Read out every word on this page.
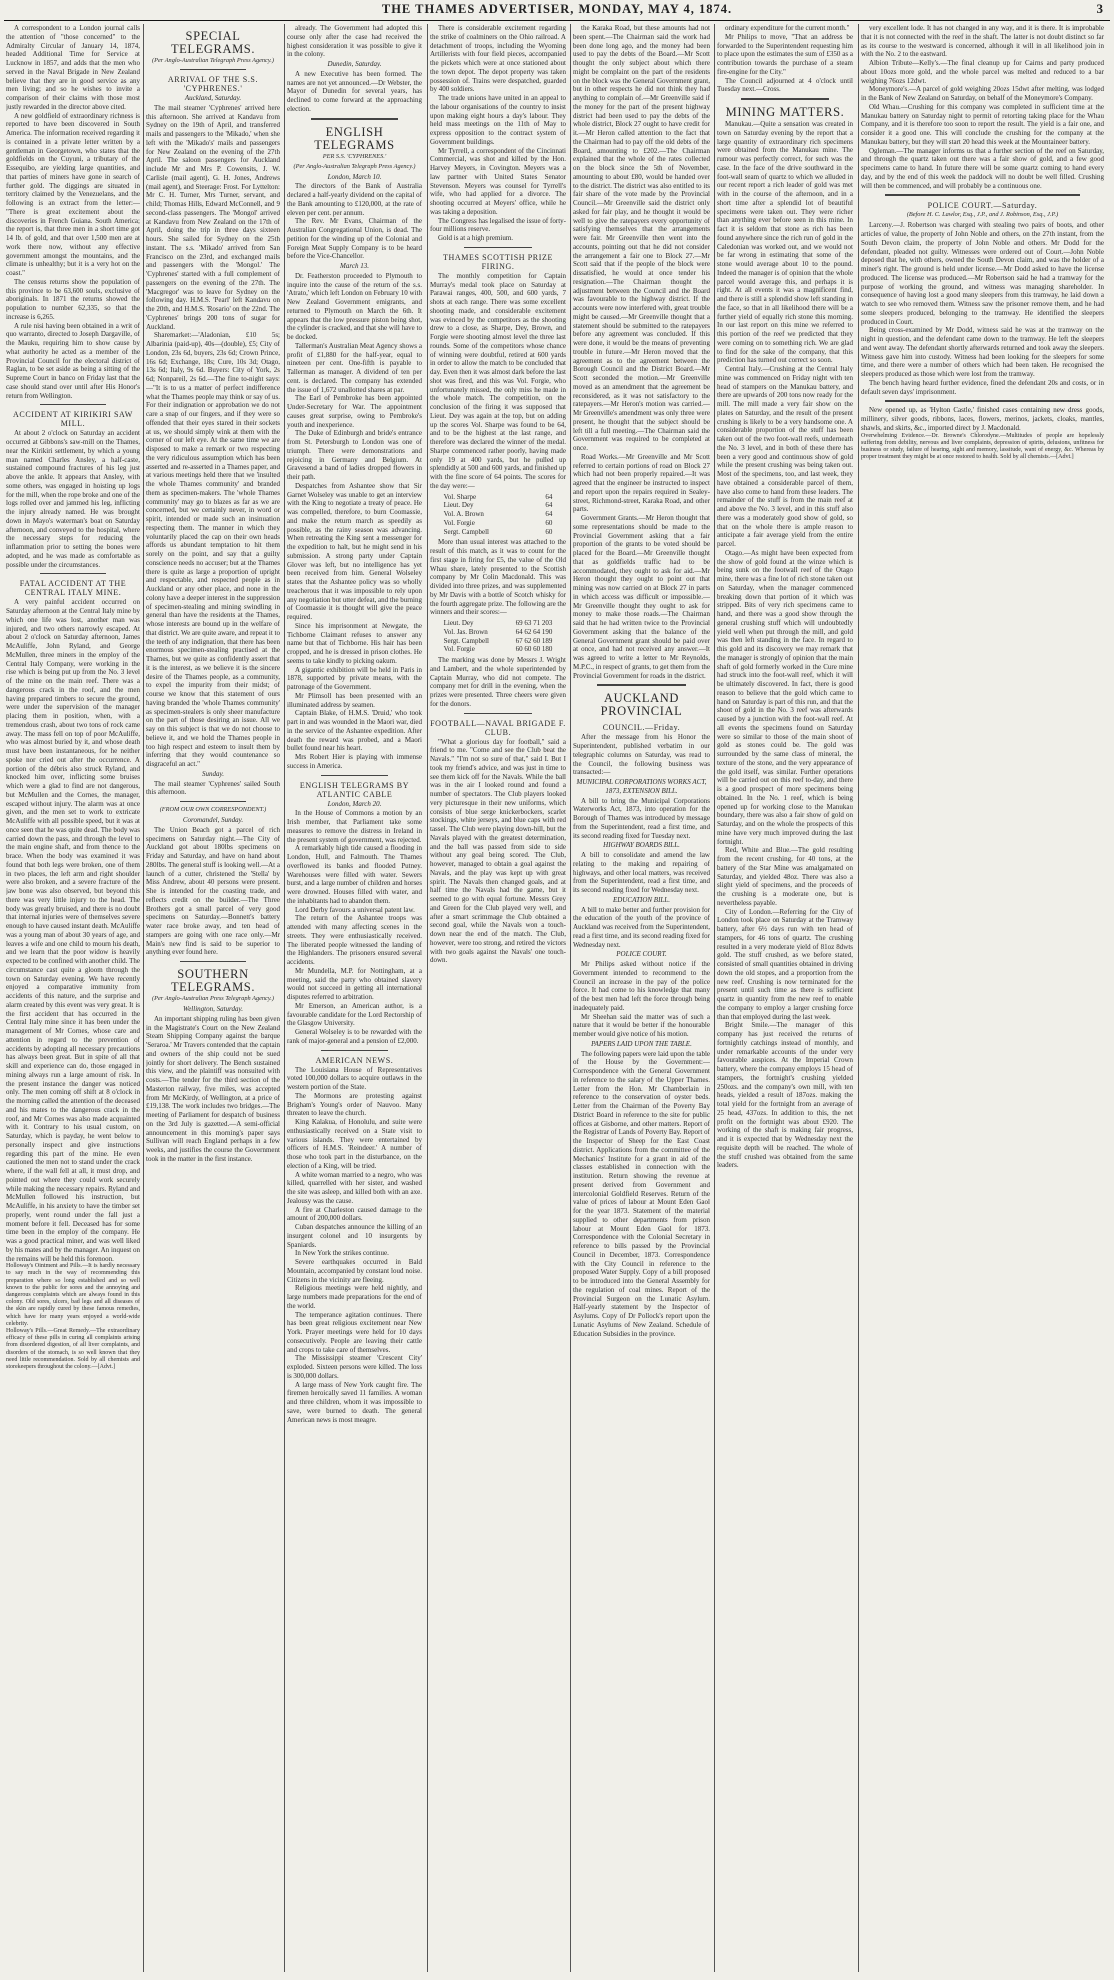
THE THAMES ADVERTISER, MONDAY, MAY 4, 1874.	3

A correspondent to a London journal calls the attention of "those concerned" to the Admiralty Circular of January 14, 1874, headed Additional Time for Service at Lucknow in 1857, and adds that the men who served in the Naval Brigade in New Zealand believe that they are in good service as any men living; and so he wishes to invite a comparison of their claims with those most justly rewarded in the director above cited.

A new goldfield of extraordinary richness is reported to have been discovered in South America. The information received regarding it is contained in a private letter written by a gentleman in Georgetown, who states that the goldfields on the Cuyuni, a tributary of the Essequibo, are yielding large quantities, and that parties of miners have gone in search of further gold. The diggings are situated in territory claimed by the Venezuelans, and the following is an extract from the letter:— "There is great excitement about the discoveries in French Guiana. South America; the report is, that three men in a short time got 14 lb. of gold, and that over 1,500 men are at work there now, without any effective government amongst the mountains, and the climate is unhealthy; but it is a very hot on the coast."

The census returns show the population of this province to be 63,600 souls, exclusive of aboriginals. In 1871 the returns showed the population to number 62,335, so that the increase is 6,265.

A rule nisi having been obtained in a writ of quo warranto, directed to Joseph Dargaville, of the Mauku, requiring him to show cause by what authority he acted as a member of the Provincial Council for the electoral district of Raglan, to be set aside as being a sitting of the Supreme Court in banco on Friday last that the case should stand over until after His Honor's return from Wellington.

ACCIDENT AT KIRIKIRI SAW MILL.

At about 2 o'clock on Saturday an accident occurred at Gibbons's saw-mill on the Thames, near the Kirikiri settlement, by which a young man named Charles Ansley, a half-caste, sustained compound fractures of his leg just above the ankle. It appears that Ansley, with some others, was engaged in hoisting up logs for the mill, when the rope broke and one of the logs rolled over and jammed his leg, inflicting the injury already named. He was brought down in Mayo's waterman's boat on Saturday afternoon, and conveyed to the hospital, where the necessary steps for reducing the inflammation prior to setting the bones were adopted, and he was made as comfortable as possible under the circumstances.

FATAL ACCIDENT AT THE CENTRAL ITALY MINE.

A very painful accident occurred on Saturday afternoon at the Central Italy mine by which one life was lost, another man was injured, and two others narrowly escaped. At about 2 o'clock on Saturday afternoon, James McAuliffe, John Ryland, and George McMullen, three miners in the employ of the Central Italy Company, were working in the rise which is being put up from the No. 3 level of the mine on the main reef. There was a dangerous crack in the roof, and the men having prepared timbers to secure the ground, were under the supervision of the manager placing them in position, when, with a tremendous crash, about two tons of rock came away. The mass fell on top of poor McAuliffe, who was almost buried by it, and whose death must have been instantaneous, for he neither spoke nor cried out after the occurrence. A portion of the débris also struck Ryland, and knocked him over, inflicting some bruises which were a glad to find are not dangerous, but McMullen and the Cornes, the manager, escaped without injury. The alarm was at once given, and the men set to work to extricate McAuliffe with all possible speed, but it was at once seen that he was quite dead. The body was carried down the pass, and through the level to the main engine shaft, and from thence to the brace. When the body was examined it was found that both legs were broken, one of them in two places, the left arm and right shoulder were also broken, and a severe fracture of the jaw bone was also observed, but beyond this there was very little injury to the head. The body was greatly bruised, and there is no doubt that internal injuries were of themselves severe enough to have caused instant death. McAuliffe was a young man of about 30 years of age, and leaves a wife and one child to mourn his death, and we learn that the poor widow is heavily expected to be confined with another child. The circumstance cast quite a gloom through the town on Saturday evening. We have recently enjoyed a comparative immunity from accidents of this nature, and the surprise and alarm created by this event was very great. It is the first accident that has occurred in the Central Italy mine since it has been under the management of Mr Cornes, whose care and attention in regard to the prevention of accidents by adopting all necessary precautions has always been great. But in spite of all that skill and experience can do, those engaged in mining always run a large amount of risk. In the present instance the danger was noticed only. The men coming off shift at 8 o'clock in the morning called the attention of the deceased and his mates to the dangerous crack in the roof, and Mr Cornes was also made acquainted with it. Contrary to his usual custom, on Saturday, which is payday, he went below to personally inspect and give instructions regarding this part of the mine. He even cautioned the men not to stand under the crack where, if the wall fell at all, it must drop, and pointed out where they could work securely while making the necessary repairs. Ryland and McMullen followed his instruction, but McAuliffe, in his anxiety to have the timber set properly, went round under the fall just a moment before it fell. Deceased has for some time been in the employ of the company. He was a good practical miner, and was well liked by his mates and by the manager. An inquest on the remains will be held this forenoon.

Holloway's Ointment and Pills.—It is hardly necessary to say much in the way of recommending this preparation where so long established and so well known to the public for sores and the annoying and dangerous complaints which are always found in this colony. Old sores, ulcers, bad legs and all diseases of the skin are rapidly cured by these famous remedies, which have for many years enjoyed a world-wide celebrity.
Holloway's Pills.—Great Remedy.—The extraordinary efficacy of these pills in curing all complaints arising from disordered digestion, of all liver complaints, and disorders of the stomach, is so well known that they need little recommendation. Sold by all chemists and storekeepers throughout the colony.—[Advt.]
SPECIAL TELEGRAMS.
(Per Anglo-Australian Telegraph Press Agency.)
ARRIVAL OF THE S.S. 'CYPHRENES.'
Auckland, Saturday.

The mail steamer 'Cyphrenes' arrived here this afternoon. She arrived at Kandavu from Sydney on the 19th of April, and transferred mails and passengers to the 'Mikado,' when she left with the 'Mikado's' mails and passengers for New Zealand on the evening of the 27th April. The saloon passengers for Auckland include Mr and Mrs P. Cowensits, J. W. Carlisle (mail agent), G. H. Jones, Andrews (mail agent), and Steerage: Frost. For Lyttelton: Mr C. H. Turner, Mrs Turner, servant, and child; Thomas Hills, Edward McConnell, and 9 second-class passengers. The 'Mongol' arrived at Kandavu from New Zealand on the 17th of April, doing the trip in three days sixteen hours. She sailed for Sydney on the 25th instant. The s.s. 'Mikado' arrived from San Francisco on the 23rd, and exchanged mails and passengers with the 'Mongol.' The 'Cyphrenes' started with a full complement of passengers on the evening of the 27th. The 'Macgregor' was to leave for Sydney on the following day. H.M.S. 'Pearl' left Kandavu on the 20th, and H.M.S. 'Rosario' on the 22nd. The 'Cyphrenes' brings 200 tons of sugar for Auckland.

Sharemarket:—'Aladonian, £10 5s; Albarinia (paid-up), 40s—(double), £5; City of London, 23s 6d, buyers, 23s 6d; Crown Prince, 16s 6d; Exchange, 18s; Cure, 10s 3d; Otago, 13s 6d; Italy, 9s 6d. Buyers: City of York, 2s 6d; Nonpareil, 2s 6d.—The fine to-night says:—"It is to us a matter of perfect indifference what the Thames people may think or say of us. For their indignation or approbation we do not care a snap of our fingers, and if they were so offended that their eyes stared in their sockets at us, we should simply wink at them with the corner of our left eye. At the same time we are disposed to make a remark or two respecting the very ridiculous assumption which has been asserted and re-asserted in a Thames paper, and at various meetings held there that we 'insulted the whole Thames community' and branded them as specimen-makers. The 'whole Thames community' may go to blazes as far as we are concerned, but we certainly never, in word or spirit, intended or made such an insinuation respecting them. The manner in which they voluntarily placed the cap on their own heads affords us abundant temptation to hit them sorely on the point, and say that a guilty conscience needs no accuser; but at the Thames there is quite as large a proportion of upright and respectable, and respected people as in Auckland or any other place, and none in the colony have a deeper interest in the suppression of specimen-stealing and mining swindling in general than have the residents at the Thames, whose interests are bound up in the welfare of that district. We are quite aware, and repeat it to the teeth of any indignation, that there has been enormous specimen-stealing practised at the Thames, but we quite as confidently assert that it is the interest, as we believe it is the sincere desire of the Thames people, as a community, to expel the impurity from their midst; of course we know that this statement of ours having branded the 'whole Thames community' as specimen-stealers is only sheer manufacture on the part of those desiring an issue. All we say on this subject is that we do not choose to believe it, and we hold the Thames people in too high respect and esteem to insult them by inferring that they would countenance so disgraceful an act."

Sunday.

The mail steamer 'Cyphrenes' sailed South this afternoon.

(FROM OUR OWN CORRESPONDENT.)
Coromandel, Sunday.

The Union Beach got a parcel of rich specimens on Saturday night.—The City of Auckland got about 180lbs specimens on Friday and Saturday, and have on hand about 280lbs. The general stuff is looking well.—At a launch of a cutter, christened the 'Stella' by Miss Andrew, about 40 persons were present. She is intended for the coasting trade, and reflects credit on the builder.—The Three Brothers got a small parcel of very good specimens on Saturday.—Bonnett's battery water race broke away, and ten head of stampers are going with one race only.—Mr Main's new find is said to be superior to anything ever found here.

SOUTHERN TELEGRAMS.
(Per Anglo-Australian Press Telegraph Agency.)
Wellington, Saturday.

An important shipping ruling has been given in the Magistrate's Court on the New Zealand Steam Shipping Company against the barque 'Seraroa.' Mr Travers contended that the captain and owners of the ship could not be sued jointly for short delivery. The Bench sustained this view, and the plaintiff was nonsuited with costs.—The tender for the third section of the Masterton railway, five miles, was accepted from Mr McKirdy, of Wellington, at a price of £19,138. The work includes two bridges.—The meeting of Parliament for despatch of business on the 3rd July is gazetted.—A semi-official announcement in this morning's paper says Sullivan will reach England perhaps in a few weeks, and justifies the course the Government took in the matter in the first instance.

already. The Government had adopted this course only after the case had received the highest consideration it was possible to give it in the colony.

Dunedin, Saturday.

A new Executive has been formed. The names are not yet announced.—Dr Webster, the Mayor of Dunedin for several years, has declined to come forward at the approaching election.

ENGLISH TELEGRAMS
PER S.S. 'CYPHRENES.'
(Per Anglo-Australian Telegraph Press Agency.)
London, March 10.

The directors of the Bank of Australia declared a half-yearly dividend on the capital of the Bank amounting to £120,000, at the rate of eleven per cent. per annum.

The Rev. Mr Evans, Chairman of the Australian Congregational Union, is dead. The petition for the winding up of the Colonial and Foreign Meat Supply Company is to be heard before the Vice-Chancellor.

March 13.

Dr. Featherston proceeded to Plymouth to inquire into the cause of the return of the s.s. 'Atrato,' which left London on February 10 with New Zealand Government emigrants, and returned to Plymouth on March the 6th. It appears that the low pressure piston being shot, the cylinder is cracked, and that she will have to be docked.

Tallerman's Australian Meat Agency shows a profit of £1,880 for the half-year, equal to nineteen per cent. One-fifth is payable to Tallerman as manager. A dividend of ten per cent. is declared. The company has extended the issue of 1,672 unallotted shares at par.

The Earl of Pembroke has been appointed Under-Secretary for War. The appointment causes great surprise, owing to Pembroke's youth and inexperience.

The Duke of Edinburgh and bride's entrance from St. Petersburgh to London was one of triumph. There were demonstrations and rejoicing in Germany and Belgium. At Gravesend a band of ladies dropped flowers in their path.

Despatches from Ashantee show that Sir Garnet Wolseley was unable to get an interview with the King to negotiate a treaty of peace. He was compelled, therefore, to burn Coomassie, and make the return march as speedily as possible, as the rainy season was advancing. When retreating the King sent a messenger for the expedition to halt, but he might send in his submission. A strong party under Captain Glover was left, but no intelligence has yet been received from him. General Wolseley states that the Ashantee policy was so wholly treacherous that it was impossible to rely upon any negotiation but utter defeat, and the burning of Coomassie it is thought will give the peace required.

Since his imprisonment at Newgate, the Tichborne Claimant refuses to answer any name but that of Tichborne. His hair has been cropped, and he is dressed in prison clothes. He seems to take kindly to picking oakum.

A gigantic exhibition will be held in Paris in 1878, supported by private means, with the patronage of the Government.

Mr Plimsoll has been presented with an illuminated address by seamen.

Captain Blake, of H.M.S. 'Druid,' who took part in and was wounded in the Maori war, died in the service of the Ashantee expedition. After death the reward was probed, and a Maori bullet found near his heart.

Mrs Robert Hier is playing with immense success in America.

ENGLISH TELEGRAMS BY ATLANTIC CABLE
London, March 20.

In the House of Commons a motion by an Irish member, that Parliament take some measures to remove the distress in Ireland in the present system of government, was rejected.

A remarkably high tide caused a flooding in London, Hull, and Falmouth. The Thames overflowed its banks and flooded Putney. Warehouses were filled with water. Sewers burst, and a large number of children and horses were drowned. Houses filled with water, and the inhabitants had to abandon them.

Lord Derby favours a universal patent law.

The return of the Ashantee troops was attended with many affecting scenes in the streets. They were enthusiastically received. The liberated people witnessed the landing of the Highlanders. The prisoners ensured several accidents.

Mr Mundella, M.P. for Nottingham, at a meeting, said the party who obtained slavery would not succeed in getting all international disputes referred to arbitration.

Mr Emerson, an American author, is a favourable candidate for the Lord Rectorship of the Glasgow University.

General Wolseley is to be rewarded with the rank of major-general and a pension of £2,000.

AMERICAN NEWS.

The Louisiana House of Representatives voted 100,000 dollars to acquire outlaws in the western portion of the State.

The Mormons are protesting against Brigham's Young's order of Nauvoo. Many threaten to leave the church.

King Kalakua, of Honolulu, and suite were enthusiastically received on a State visit to various islands. They were entertained by officers of H.M.S. 'Reindeer.' A number of those who took part in the disturbance, on the election of a King, will be tried.

A white woman married to a negro, who was killed, quarrelled with her sister, and washed the site was asleep, and killed both with an axe. Jealousy was the cause.

A fire at Charleston caused damage to the amount of 200,000 dollars.

Cuban despatches announce the killing of an insurgent colonel and 10 insurgents by Spaniards.

In New York the strikes continue.

Severe earthquakes occurred in Bald Mountain, accompanied by constant loud noise. Citizens in the vicinity are fleeing.

Religious meetings were held nightly, and large numbers made preparations for the end of the world.

The temperance agitation continues. There has been great religious excitement near New York. Prayer meetings were held for 10 days consecutively. People are leaving their cattle and crops to take care of themselves.

The Mississippi steamer 'Crescent City' exploded. Sixteen persons were killed. The loss is 300,000 dollars.

A large mass of New York caught fire. The firemen heroically saved 11 families. A woman and three children, whom it was impossible to save, were burned to death. The general American news is most meagre.

There is considerable excitement regarding the strike of coalminers on the Ohio railroad. A detachment of troops, including the Wyoming Artillerists with four field pieces, accompanied the pickets which were at once stationed about the town depot. The depot property was taken possession of. Trains were despatched, guarded by 400 soldiers.

The trade unions have united in an appeal to the labour organisations of the country to insist upon making eight hours a day's labour. They held mass meetings on the 11th of May to express opposition to the contract system of Government buildings.

Mr Tyrrell, a correspondent of the Cincinnati Commercial, was shot and killed by the Hon. Harvey Meyers, in Covington. Meyers was a law partner with United States Senator Stevenson. Meyers was counsel for Tyrrell's wife, who had applied for a divorce. The shooting occurred at Meyers' office, while he was taking a deposition.

The Congress has legalised the issue of forty-four millions reserve.

Gold is at a high premium.

THAMES SCOTTISH PRIZE FIRING.

The monthly competition for Captain Murray's medal took place on Saturday at Parawai ranges, 400, 500, and 600 yards, 7 shots at each range. There was some excellent shooting made, and considerable excitement was evinced by the competitors as the shooting drew to a close, as Sharpe, Dey, Brown, and Forgie were shooting almost level the three last rounds. Some of the competitors whose chance of winning were doubtful, retired at 600 yards in order to allow the match to be concluded that day. Even then it was almost dark before the last shot was fired, and this was Vol. Forgie, who unfortunately missed, the only miss he made in the whole match. The competition, on the conclusion of the firing it was supposed that Lieut. Dey was again at the top, but on adding up the scores Vol. Sharpe was found to be 64, and to be the highest at the last range, and therefore was declared the winner of the medal. Sharpe commenced rather poorly, having made only 19 at 400 yards, but he pulled up splendidly at 500 and 600 yards, and finished up with the fine score of 64 points. The scores for the day were:—

Vol. Sharpe	64
Lieut. Dey	64
Vol. A. Brown	64
Vol. Forgie	60
Sergt. Campbell	60

More than usual interest was attached to the result of this match, as it was to count for the first stage in firing for £5, the value of the Old Whau share, lately presented to the Scottish company by Mr Colin Macdonald. This was divided into three prizes, and was supplemented by Mr Davis with a bottle of Scotch whisky for the fourth aggregate prize. The following are the winners and their scores:—

Lieut. Dey	69 63 71 203
Vol. Jas. Brown	64 62 64 190
Sergt. Campbell	67 62 60 189
Vol. Forgie	60 60 60 180

The marking was done by Messrs J. Wright and Lambert, and the whole superintended by Captain Murray, who did not compete. The company met for drill in the evening, when the prizes were presented. Three cheers were given for the donors.

FOOTBALL—NAVAL BRIGADE F. CLUB.

"What a glorious day for football," said a friend to me. "Come and see the Club beat the Navals." "I'm not so sure of that," said I. But I took my friend's advice, and was just in time to see them kick off for the Navals. While the ball was in the air I looked round and found a number of spectators. The Club players looked very picturesque in their new uniforms, which consists of blue serge knickerbockers, scarlet stockings, white jerseys, and blue caps with red tassel. The Club were playing down-hill, but the Navals played with the greatest determination, and the ball was passed from side to side without any goal being scored. The Club, however, managed to obtain a goal against the Navals, and the play was kept up with great spirit. The Navals then changed goals, and at half time the Navals had the game, but it seemed to go with equal fortune. Messrs Grey and Green for the Club played very well, and after a smart scrimmage the Club obtained a second goal, while the Navals won a touch-down near the end of the match. The Club, however, were too strong, and retired the victors with two goals against the Navals' one touch-down.

the Karaka Road, but these amounts had not been spent.—The Chairman said the work had been done long ago, and the money had been used to pay the debts of the Board.—Mr Scott thought the only subject about which there might be complaint on the part of the residents on the block was the General Government grant, but in other respects he did not think they had anything to complain of.—Mr Greenville said if the money for the part of the present highway district had been used to pay the debts of the whole district, Block 27 ought to have credit for it.—Mr Heron called attention to the fact that the Chairman had to pay off the old debts of the Board, amounting to £202.—The Chairman explained that the whole of the rates collected on the block since the 5th of November, amounting to about £80, would be handed over to the district. The district was also entitled to its fair share of the vote made by the Provincial Council.—Mr Greenville said the district only asked for fair play, and he thought it would be well to give the ratepayers every opportunity of satisfying themselves that the arrangements were fair. Mr Greenville then went into the accounts, pointing out that he did not consider the arrangement a fair one to Block 27.—Mr Scott said that if the people of the block were dissatisfied, he would at once tender his resignation.—The Chairman thought the adjustment between the Council and the Board was favourable to the highway district. If the accounts were now interfered with, great trouble might be caused.—Mr Greenville thought that a statement should be submitted to the ratepayers before any agreement was concluded. If this were done, it would be the means of preventing trouble in future.—Mr Heron moved that the agreement as to the agreement between the Borough Council and the District Board.—Mr Scott seconded the motion.—Mr Greenville moved as an amendment that the agreement be reconsidered, as it was not satisfactory to the ratepayers.—Mr Heron's motion was carried.—Mr Greenville's amendment was only three were present, he thought that the subject should be left till a full meeting.—The Chairman said the Government was required to be completed at once.

Road Works.—Mr Greenville and Mr Scott referred to certain portions of road on Block 27 which had not been properly repaired.—It was agreed that the engineer be instructed to inspect and report upon the repairs required in Sealey-street, Richmond-street, Karaka Road, and other parts.

Government Grants.—Mr Heron thought that some representations should be made to the Provincial Government asking that a fair proportion of the grants to be voted should be placed for the Board.—Mr Greenville thought that as goldfields traffic had to be accommodated, they ought to ask for aid.—Mr Heron thought they ought to point out that mining was now carried on at Block 27 in parts in which access was difficult or impossible.—Mr Greenville thought they ought to ask for money to make those roads.—The Chairman said that he had written twice to the Provincial Government asking that the balance of the General Government grant should be paid over at once, and had not received any answer.—It was agreed to write a letter to Mr Reynolds, M.P.C., in respect of grants, to get them from the Provincial Government for roads in the district.

AUCKLAND PROVINCIAL
COUNCIL.—Friday.

After the message from his Honor the Superintendent, published verbatim in our telegraphic columns on Saturday, was read to the Council, the following business was transacted:—

MUNICIPAL CORPORATIONS WORKS ACT, 1873, EXTENSION BILL.

A bill to bring the Municipal Corporations Waterworks Act, 1873, into operation for the Borough of Thames was introduced by message from the Superintendent, read a first time, and its second reading fixed for Tuesday next.

HIGHWAY BOARDS BILL.

A bill to consolidate and amend the law relating to the making and repairing of highways, and other local matters, was received from the Superintendent, read a first time, and its second reading fixed for Wednesday next.

EDUCATION BILL.

A bill to make better and further provision for the education of the youth of the province of Auckland was received from the Superintendent, read a first time, and its second reading fixed for Wednesday next.

POLICE COURT.

Mr Philips asked without notice if the Government intended to recommend to the Council an increase in the pay of the police force. It had come to his knowledge that many of the best men had left the force through being inadequately paid.

Mr Sheehan said the matter was of such a nature that it would be better if the honourable member would give notice of his motion.

PAPERS LAID UPON THE TABLE.

The following papers were laid upon the table of the House by the Government:—Correspondence with the General Government in reference to the salary of the Upper Thames. Letter from the Hon. Mr Chamberlain in reference to the conservation of oyster beds. Letter from the Chairman of the Poverty Bay District Board in reference to the site for public offices at Gisborne, and other matters. Report of the Registrar of Lands of Poverty Bay. Report of the Inspector of Sheep for the East Coast district. Applications from the committee of the Mechanics' Institute for a grant in aid of the classes established in connection with the institution. Return showing the revenue at present derived from Government and intercolonial Goldfield Reserves. Return of the value of prices of labour at Mount Eden Gaol for the year 1873. Statement of the material supplied to other departments from prison labour at Mount Eden Gaol for 1873. Correspondence with the Colonial Secretary in reference to bills passed by the Provincial Council in December, 1873. Correspondence with the City Council in reference to the proposed Water Supply. Copy of a bill proposed to be introduced into the General Assembly for the regulation of coal mines. Report of the Provincial Surgeon on the Lunatic Asylum. Half-yearly statement by the Inspector of Asylums. Copy of Dr Pollock's report upon the Lunatic Asylums of New Zealand. Schedule of Education Subsidies in the province.

ordinary expenditure for the current month."

Mr Philips to move, "That an address be forwarded to the Superintendent requesting him to place upon the estimates the sum of £350 as a contribution towards the purchase of a steam fire-engine for the City."

The Council adjourned at 4 o'clock until Tuesday next.—Cross.

MINING MATTERS.

Manukau.—Quite a sensation was created in town on Saturday evening by the report that a large quantity of extraordinary rich specimens were obtained from the Manukau mine. The rumour was perfectly correct, for such was the case. In the face of the drive southward in the foot-wall seam of quartz to which we alluded in our recent report a rich leader of gold was met with in the course of the afternoon, and in a short time after a splendid lot of beautiful specimens were taken out. They were richer than anything ever before seen in this mine. In fact it is seldom that stone as rich has been found anywhere since the rich run of gold in the Caledonian was worked out, and we would not be far wrong in estimating that some of the stone would average about 10 to the pound. Indeed the manager is of opinion that the whole parcel would average this, and perhaps it is right. At all events it was a magnificent find, and there is still a splendid show left standing in the face, so that in all likelihood there will be a further yield of equally rich stone this morning. In our last report on this mine we referred to this portion of the reef we predicted that they were coming on to something rich. We are glad to find for the sake of the company, that this prediction has turned out correct so soon.

Central Italy.—Crushing at the Central Italy mine was commenced on Friday night with ten head of stampers on the Manukau battery, and there are upwards of 200 tons now ready for the mill. The mill made a very fair show on the plates on Saturday, and the result of the present crushing is likely to be a very handsome one. A considerable proportion of the stuff has been taken out of the two foot-wall reefs, underneath the No. 3 level, and in both of these there has been a very good and continuous show of gold while the present crushing was being taken out. Most of the specimens, too, and last week, they have obtained a considerable parcel of them, have also come to hand from these leaders. The remainder of the stuff is from the main reef at and above the No. 3 level, and in this stuff also there was a moderately good show of gold, so that on the whole there is ample reason to anticipate a fair average yield from the entire parcel.

Otago.—As might have been expected from the show of gold found at the winze which is being sunk on the footwall reef of the Otago mine, there was a fine lot of rich stone taken out on Saturday, when the manager commenced breaking down that portion of it which was stripped. Bits of very rich specimens came to hand, and there was a good show through the general crushing stuff which will undoubtedly yield well when put through the mill, and gold was then left standing in the face. In regard to this gold and its discovery we may remark that the manager is strongly of opinion that the main shaft of gold formerly worked in the Cure mine had struck into the foot-wall reef, which it will be ultimately discovered. In fact, there is good reason to believe that the gold which came to hand on Saturday is part of this run, and that the shoot of gold in the No. 3 reef was afterwards caused by a junction with the foot-wall reef. At all events the specimens found on Saturday were so similar to those of the main shoot of gold as stones could be. The gold was surrounded by the same class of mineral, the texture of the stone, and the very appearance of the gold itself, was similar. Further operations will be carried out on this reef to-day, and there is a good prospect of more specimens being obtained. In the No. 1 reef, which is being opened up for working close to the Manukau boundary, there was also a fair show of gold on Saturday, and on the whole the prospects of this mine have very much improved during the last fortnight.

Red, White and Blue.—The gold resulting from the recent crushing, for 40 tons, at the battery of the Star Mine was amalgamated on Saturday, and yielded 48oz. There was also a slight yield of specimens, and the proceeds of the crushing is a moderate one, but is nevertheless payable.

City of London.—Referring for the City of London took place on Saturday at the Tramway battery, after 6½ days run with ten head of stampers, for 46 tons of quartz. The crushing resulted in a very moderate yield of 81oz 8dwts gold. The stuff crushed, as we before stated, consisted of small quantities obtained in driving down the old stopes, and a proportion from the new reef. Crushing is now terminated for the present until such time as there is sufficient quartz in quantity from the new reef to enable the company to employ a larger crushing force than that employed during the last week.

Bright Smile.—The manager of this company has just received the returns of fortnightly catchings instead of monthly, and under remarkable accounts of the under very favourable auspices. At the Imperial Crown battery, where the company employs 15 head of stampers, the fortnight's crushing yielded 250ozs. and the company's own mill, with ten heads, yielded a result of 187ozs. making the total yield for the fortnight from an average of 25 head, 437ozs. In addition to this, the net profit on the fortnight was about £920. The working of the shaft is making fair progress, and it is expected that by Wednesday next the requisite depth will be reached. The whole of the stuff crushed was obtained from the same leaders.

very excellent lode. It has not changed in any way, and it is there. It is improbable that it is not connected with the reef in the shaft. The latter is not doubt distinct so far as its course to the westward is concerned, although it will in all likelihood join in with the No. 2 to the eastward.

Albion Tribute—Kelly's.—The final cleanup up for Cairns and party produced about 10ozs more gold, and the whole parcel was melted and reduced to a bar weighing 76ozs 12dwt.

Moneymore's.—A parcel of gold weighing 20ozs 15dwt after melting, was lodged in the Bank of New Zealand on Saturday, on behalf of the Moneymore's Company.

Old Whau.—Crushing for this company was completed in sufficient time at the Manukau battery on Saturday night to permit of retorting taking place for the Whau Company, and it is therefore too soon to report the result. The yield is a fair one, and consider it a good one. This will conclude the crushing for the company at the Manukau battery, but they will start 20 head this week at the Mountaineer battery.

Ogleman.—The manager informs us that a further section of the reef on Saturday, and through the quartz taken out there was a fair show of gold, and a few good specimens came to hand. In future there will be some quartz coming to hand every day, and by the end of this week the paddock will no doubt be well filled. Crushing will then be commenced, and will probably be a continuous one.

POLICE COURT.—Saturday.
(Before H. C. Lawlor, Esq., J.P., and J. Robinson, Esq., J.P.)

Larceny.—J. Robertson was charged with stealing two pairs of boots, and other articles of value, the property of John Noble and others, on the 27th instant, from the South Devon claim, the property of John Noble and others. Mr Dodd for the defendant, pleaded not guilty. Witnesses were ordered out of Court.—John Noble deposed that he, with others, owned the South Devon claim, and was the holder of a miner's right. The ground is held under license.—Mr Dodd asked to have the license produced. The license was produced.—Mr Robertson said he had a tramway for the purpose of working the ground, and witness was managing shareholder. In consequence of having lost a good many sleepers from this tramway, he laid down a watch to see who removed them. Witness saw the prisoner remove them, and he had some sleepers produced, belonging to the tramway. He identified the sleepers produced in Court.

Being cross-examined by Mr Dodd, witness said he was at the tramway on the night in question, and the defendant came down to the tramway. He left the sleepers and went away. The defendant shortly afterwards returned and took away the sleepers. Witness gave him into custody. Witness had been looking for the sleepers for some time, and there were a number of others which had been taken. He recognised the sleepers produced as those which were lost from the tramway.

The bench having heard further evidence, fined the defendant 20s and costs, or in default seven days' imprisonment.

New opened up, as 'Hylton Castle,' finished cases containing new dress goods, millinery, silver goods, ribbons, laces, flowers, merinos, jackets, cloaks, mantles, shawls, and skirts, &c., imported direct by J. Macdonald.

Overwhelming Evidence.—Dr. Browne's Chlorodyne.—Multitudes of people are hopelessly suffering from debility, nervous and liver complaints, depression of spirits, delusions, unfitness for business or study, failure of hearing, sight and memory, lassitude, want of energy, &c. Whereas by proper treatment they might be at once restored to health. Sold by all chemists.—[Advt.]
